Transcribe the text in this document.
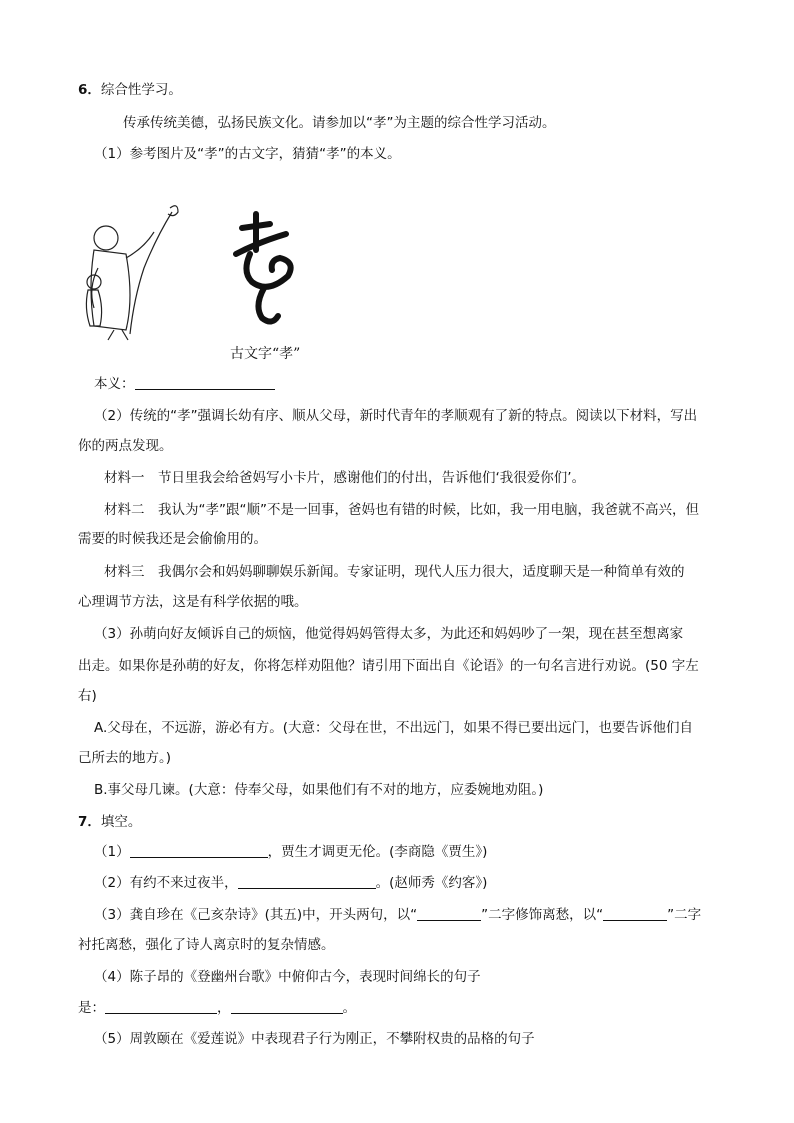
6．综合性学习。
传承传统美德，弘扬民族文化。请参加以“孝”为主题的综合性学习活动。
（1）参考图片及“孝”的古文字，猜猜“孝”的本义。
古文字“孝”
本义：
（2）传统的“孝”强调长幼有序、顺从父母，新时代青年的孝顺观有了新的特点。阅读以下材料，写出
你的两点发现。
材料一　节日里我会给爸妈写小卡片，感谢他们的付出，告诉他们‘我很爱你们’。
材料二　我认为“孝”跟“顺”不是一回事，爸妈也有错的时候，比如，我一用电脑，我爸就不高兴，但
需要的时候我还是会偷偷用的。
材料三　我偶尔会和妈妈聊聊娱乐新闻。专家证明，现代人压力很大，适度聊天是一种简单有效的
心理调节方法，这是有科学依据的哦。
（3）孙萌向好友倾诉自己的烦恼，他觉得妈妈管得太多，为此还和妈妈吵了一架，现在甚至想离家
出走。如果你是孙萌的好友，你将怎样劝阻他？请引用下面出自《论语》的一句名言进行劝说。(50 字左
右)
A.父母在，不远游，游必有方。(大意：父母在世，不出远门，如果不得已要出远门，也要告诉他们自
己所去的地方。)
B.事父母几谏。(大意：侍奉父母，如果他们有不对的地方，应委婉地劝阻。)
7．填空。
（1）	，贾生才调更无伦。(李商隐《贾生》)
（2）有约不来过夜半，	。(赵师秀《约客》)
（3）龚自珍在《己亥杂诗》(其五)中，开头两句，以“	”二字修饰离愁，以“	”二字
衬托离愁，强化了诗人离京时的复杂情感。
（4）陈子昂的《登幽州台歌》中俯仰古今，表现时间绵长的句子
是：	，	。
（5）周敦颐在《爱莲说》中表现君子行为刚正，不攀附权贵的品格的句子
